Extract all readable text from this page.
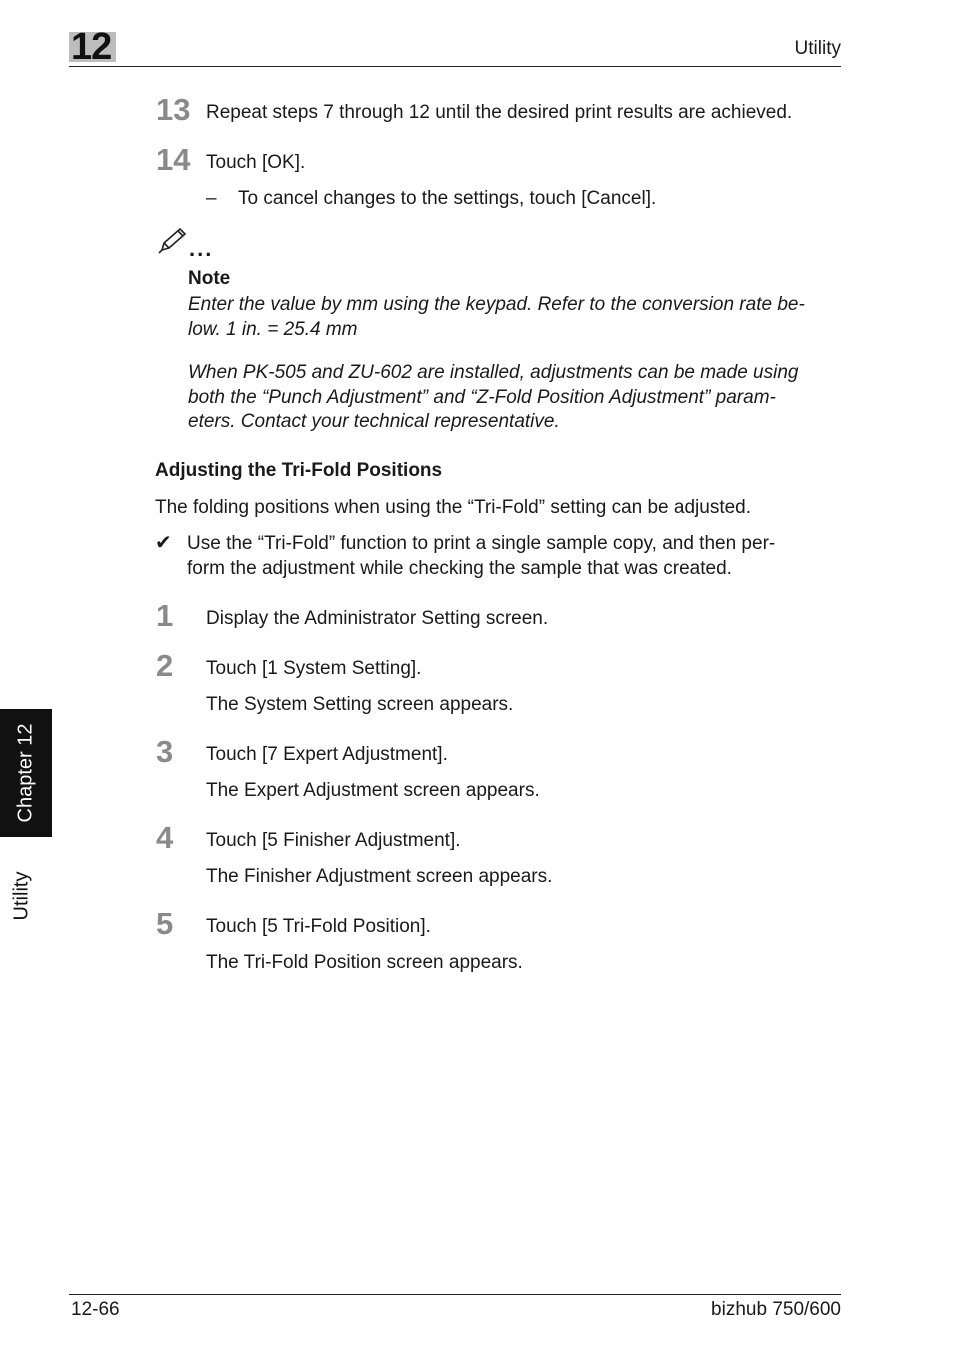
12	Utility
13 Repeat steps 7 through 12 until the desired print results are achieved.
14 Touch [OK].
– To cancel changes to the settings, touch [Cancel].
...
Note
Enter the value by mm using the keypad. Refer to the conversion rate be-
low. 1 in. = 25.4 mm
When PK-505 and ZU-602 are installed, adjustments can be made using
both the “Punch Adjustment” and “Z-Fold Position Adjustment” param-
eters. Contact your technical representative.
Adjusting the Tri-Fold Positions
The folding positions when using the “Tri-Fold” setting can be adjusted.
✔ Use the “Tri-Fold” function to print a single sample copy, and then per-
form the adjustment while checking the sample that was created.
1 Display the Administrator Setting screen.
2 Touch [1 System Setting].
The System Setting screen appears.
3 Touch [7 Expert Adjustment].
The Expert Adjustment screen appears.
4 Touch [5 Finisher Adjustment].
The Finisher Adjustment screen appears.
5 Touch [5 Tri-Fold Position].
The Tri-Fold Position screen appears.
Chapter 12
Utility
12-66	bizhub 750/600
